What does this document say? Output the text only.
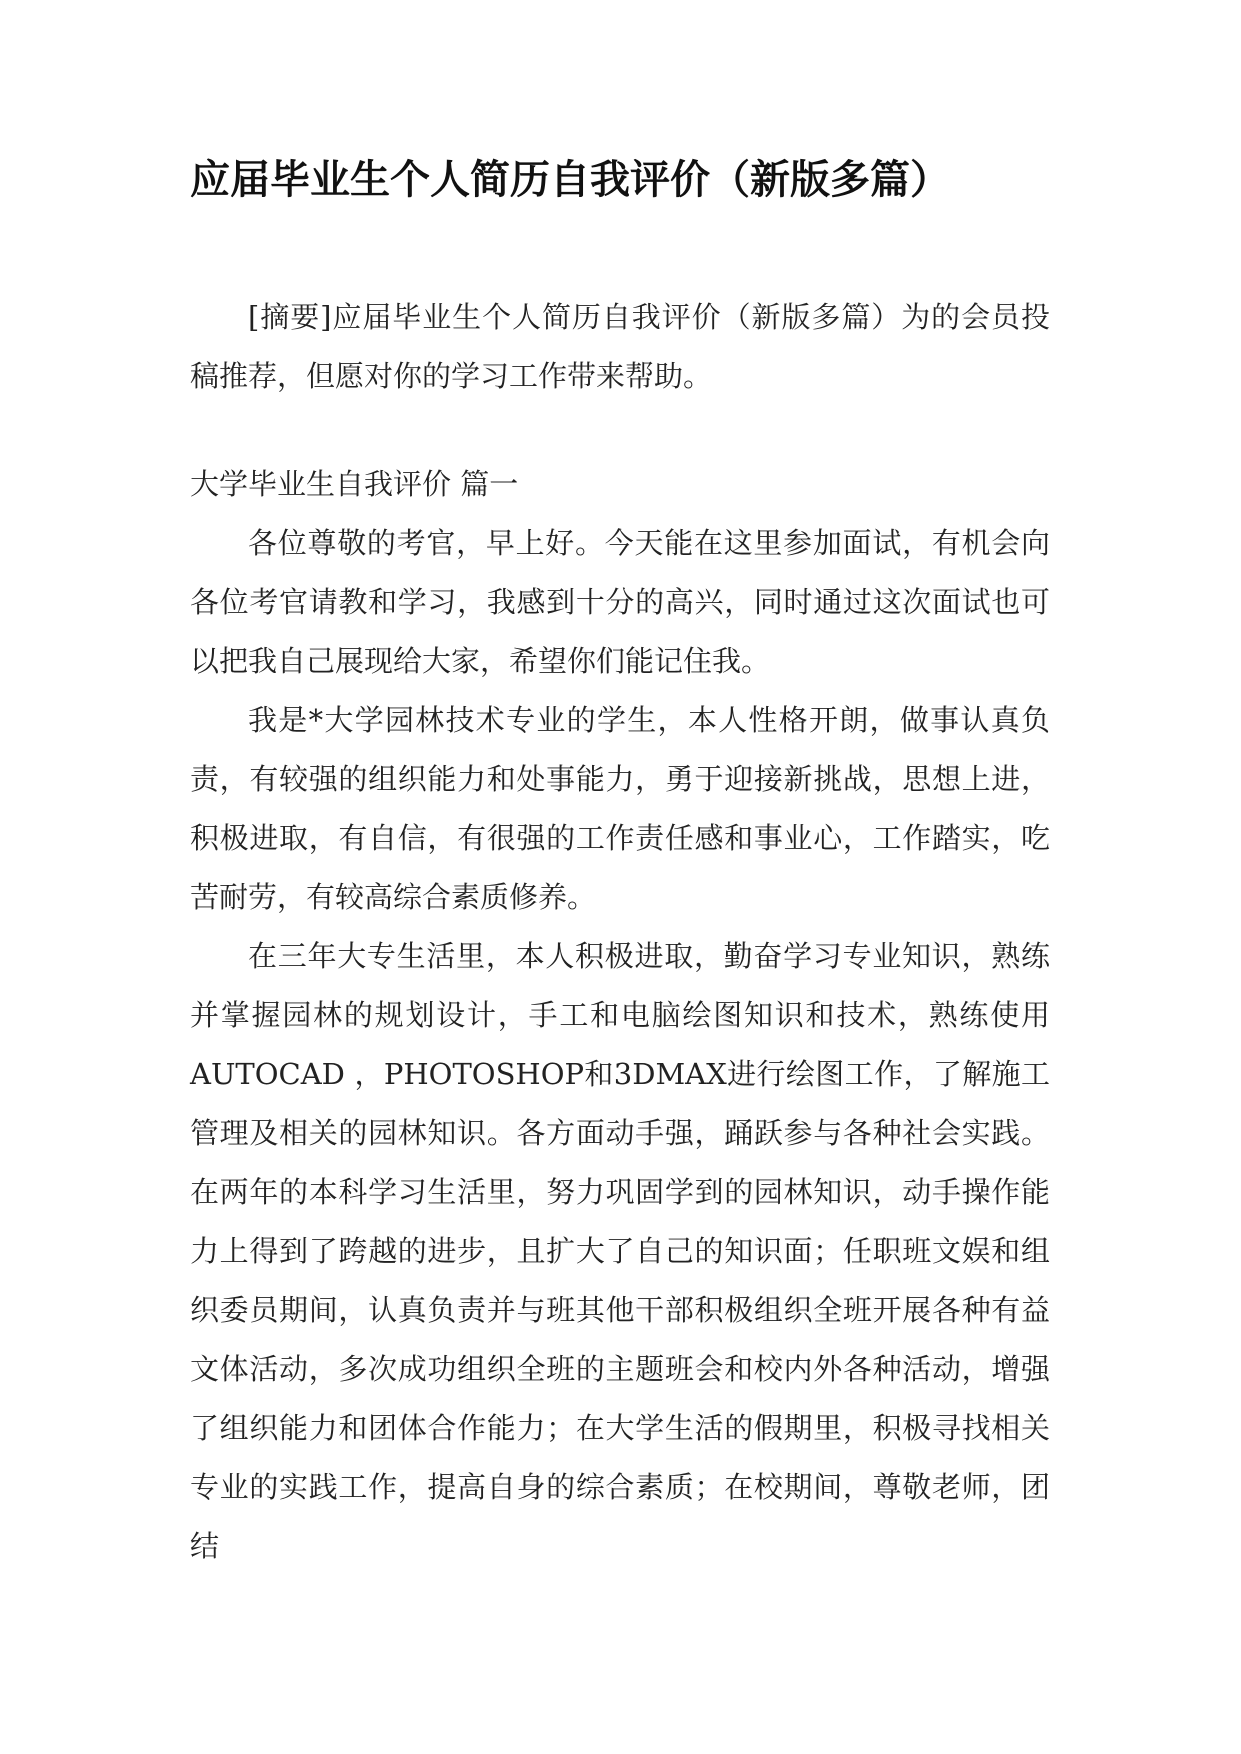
应届毕业生个人简历自我评价（新版多篇）

[摘要]应届毕业生个人简历自我评价（新版多篇）为的会员投稿推荐，但愿对你的学习工作带来帮助。

大学毕业生自我评价 篇一

各位尊敬的考官，早上好。今天能在这里参加面试，有机会向各位考官请教和学习，我感到十分的高兴，同时通过这次面试也可以把我自己展现给大家，希望你们能记住我。

我是*大学园林技术专业的学生，本人性格开朗，做事认真负责，有较强的组织能力和处事能力，勇于迎接新挑战，思想上进，积极进取，有自信，有很强的工作责任感和事业心，工作踏实，吃苦耐劳，有较高综合素质修养。

在三年大专生活里，本人积极进取，勤奋学习专业知识，熟练并掌握园林的规划设计，手工和电脑绘图知识和技术，熟练使用AUTOCAD ，PHOTOSHOP和3DMAX进行绘图工作，了解施工管理及相关的园林知识。各方面动手强，踊跃参与各种社会实践。 在两年的本科学习生活里，努力巩固学到的园林知识，动手操作能力上得到了跨越的进步，且扩大了自己的知识面；任职班文娱和组织委员期间，认真负责并与班其他干部积极组织全班开展各种有益文体活动，多次成功组织全班的主题班会和校内外各种活动，增强了组织能力和团体合作能力；在大学生活的假期里，积极寻找相关专业的实践工作，提高自身的综合素质；在校期间，尊敬老师，团结
